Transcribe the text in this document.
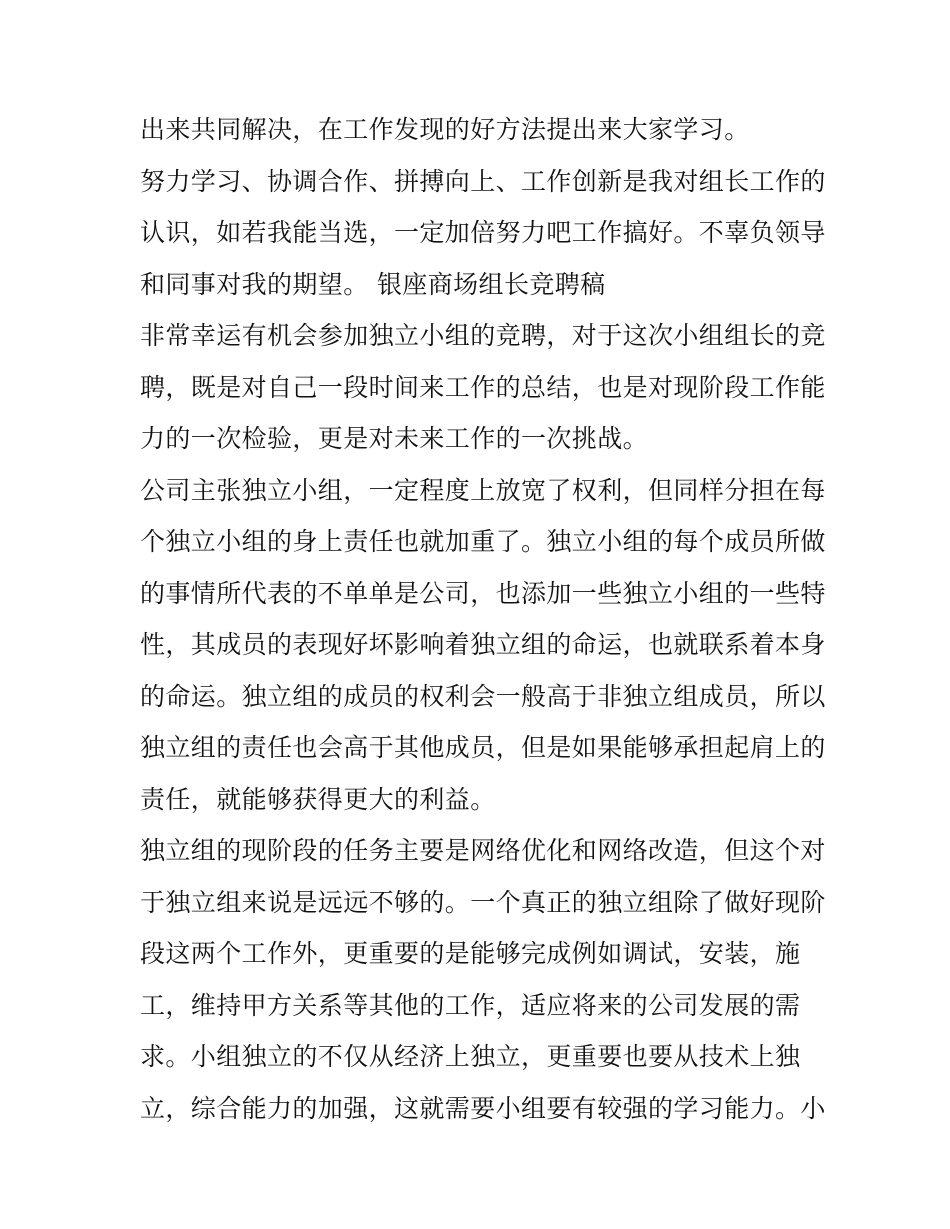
出来共同解决，在工作发现的好方法提出来大家学习。
努力学习、协调合作、拼搏向上、工作创新是我对组长工作的
认识，如若我能当选，一定加倍努力吧工作搞好。不辜负领导
和同事对我的期望。 银座商场组长竞聘稿
非常幸运有机会参加独立小组的竞聘，对于这次小组组长的竞
聘，既是对自己一段时间来工作的总结，也是对现阶段工作能
力的一次检验，更是对未来工作的一次挑战。
公司主张独立小组，一定程度上放宽了权利，但同样分担在每
个独立小组的身上责任也就加重了。独立小组的每个成员所做
的事情所代表的不单单是公司，也添加一些独立小组的一些特
性，其成员的表现好坏影响着独立组的命运，也就联系着本身
的命运。独立组的成员的权利会一般高于非独立组成员，所以
独立组的责任也会高于其他成员，但是如果能够承担起肩上的
责任，就能够获得更大的利益。
独立组的现阶段的任务主要是网络优化和网络改造，但这个对
于独立组来说是远远不够的。一个真正的独立组除了做好现阶
段这两个工作外，更重要的是能够完成例如调试，安装，施
工，维持甲方关系等其他的工作，适应将来的公司发展的需
求。小组独立的不仅从经济上独立，更重要也要从技术上独
立，综合能力的加强，这就需要小组要有较强的学习能力。小
